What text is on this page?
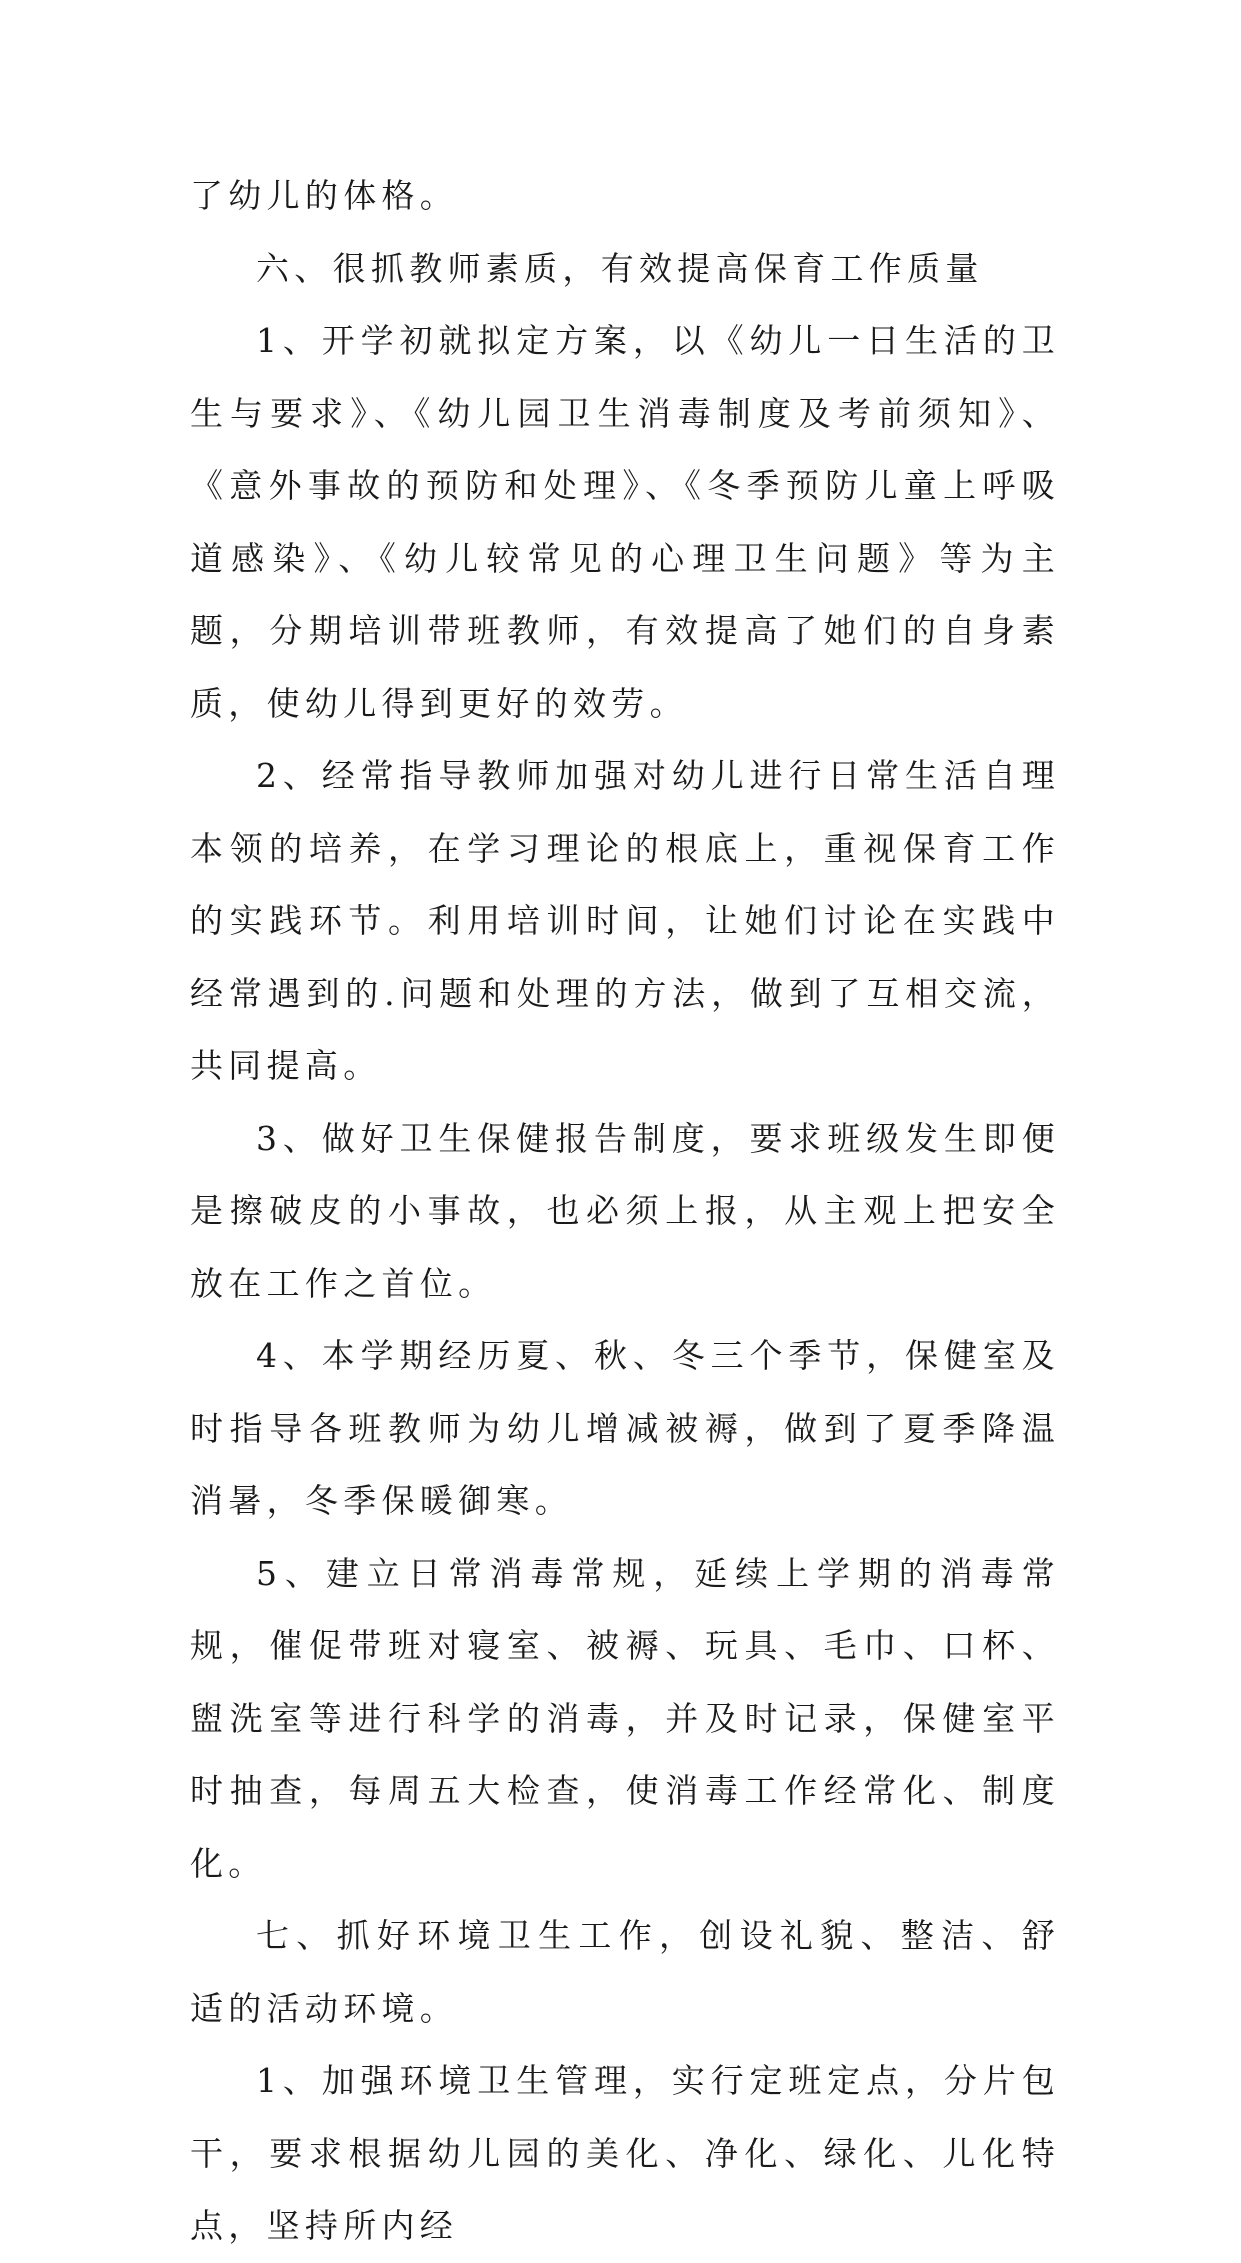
了幼儿的体格。

六、很抓教师素质，有效提高保育工作质量

1、开学初就拟定方案，以《幼儿一日生活的卫生与要求》、《幼儿园卫生消毒制度及考前须知》、《意外事故的预防和处理》、《冬季预防儿童上呼吸道感染》、《幼儿较常见的心理卫生问题》等为主题，分期培训带班教师，有效提高了她们的自身素质，使幼儿得到更好的效劳。

2、经常指导教师加强对幼儿进行日常生活自理本领的培养，在学习理论的根底上，重视保育工作的实践环节。利用培训时间，让她们讨论在实践中经常遇到的.问题和处理的方法，做到了互相交流，共同提高。

3、做好卫生保健报告制度，要求班级发生即便是擦破皮的小事故，也必须上报，从主观上把安全放在工作之首位。

4、本学期经历夏、秋、冬三个季节，保健室及时指导各班教师为幼儿增减被褥，做到了夏季降温消暑，冬季保暖御寒。

5、建立日常消毒常规，延续上学期的消毒常规，催促带班对寝室、被褥、玩具、毛巾、口杯、盥洗室等进行科学的消毒，并及时记录，保健室平时抽查，每周五大检查，使消毒工作经常化、制度化。

七、抓好环境卫生工作，创设礼貌、整洁、舒适的活动环境。

1、加强环境卫生管理，实行定班定点，分片包干，要求根据幼儿园的美化、净化、绿化、儿化特点，坚持所内经
